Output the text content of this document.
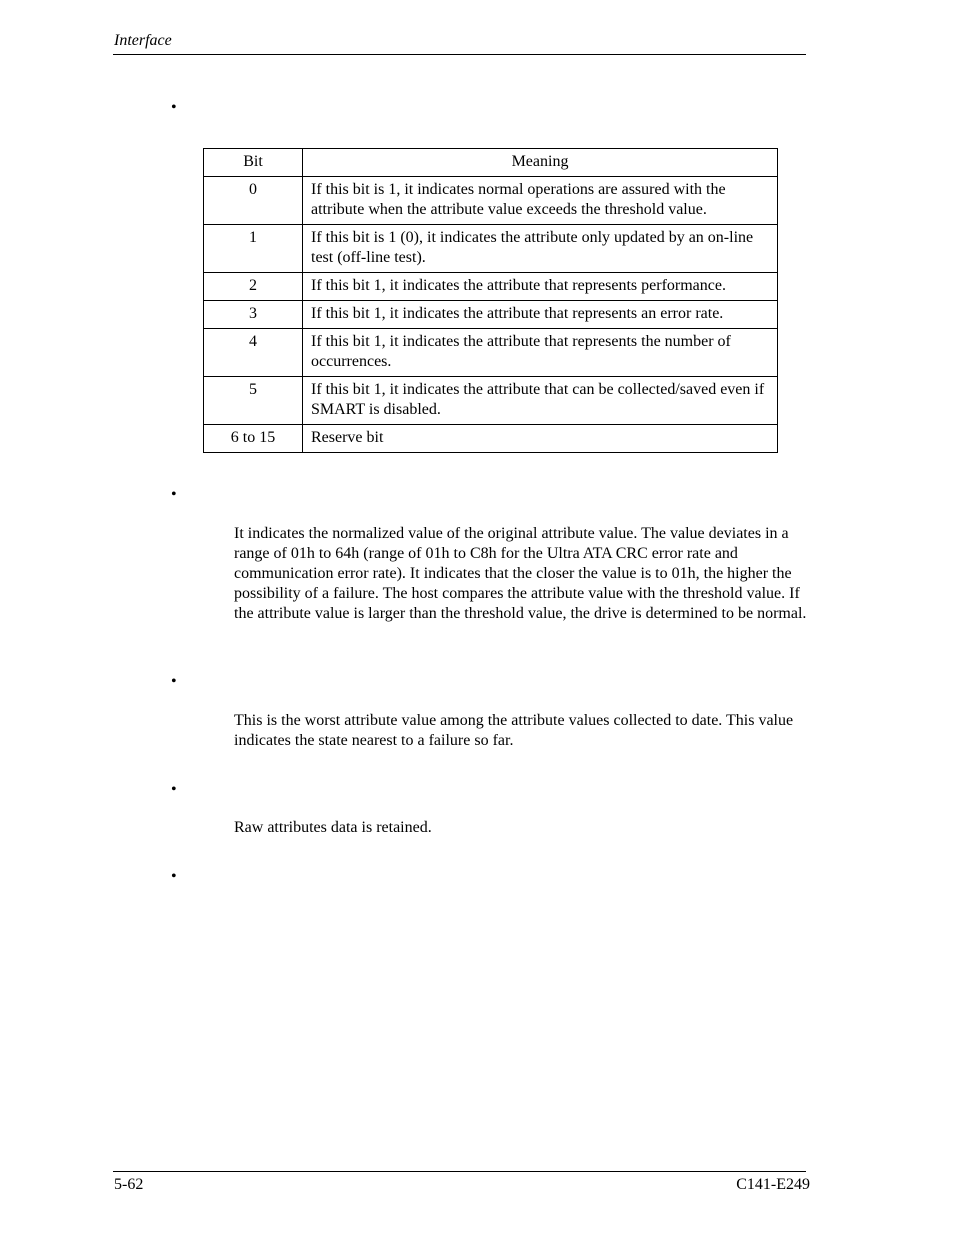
Interface
•
Bit	Meaning
0	If this bit is 1, it indicates normal operations are assured with the attribute when the attribute value exceeds the threshold value.
1	If this bit is 1 (0), it indicates the attribute only updated by an on-line test (off-line test).
2	If this bit 1, it indicates the attribute that represents performance.
3	If this bit 1, it indicates the attribute that represents an error rate.
4	If this bit 1, it indicates the attribute that represents the number of occurrences.
5	If this bit 1, it indicates the attribute that can be collected/saved even if SMART is disabled.
6 to 15	Reserve bit
•
It indicates the normalized value of the original attribute value. The value deviates in a range of 01h to 64h (range of 01h to C8h for the Ultra ATA CRC error rate and communication error rate). It indicates that the closer the value is to 01h, the higher the possibility of a failure. The host compares the attribute value with the threshold value. If the attribute value is larger than the threshold value, the drive is determined to be normal.
•
This is the worst attribute value among the attribute values collected to date. This value indicates the state nearest to a failure so far.
•
Raw attributes data is retained.
•
5-62	C141-E249
